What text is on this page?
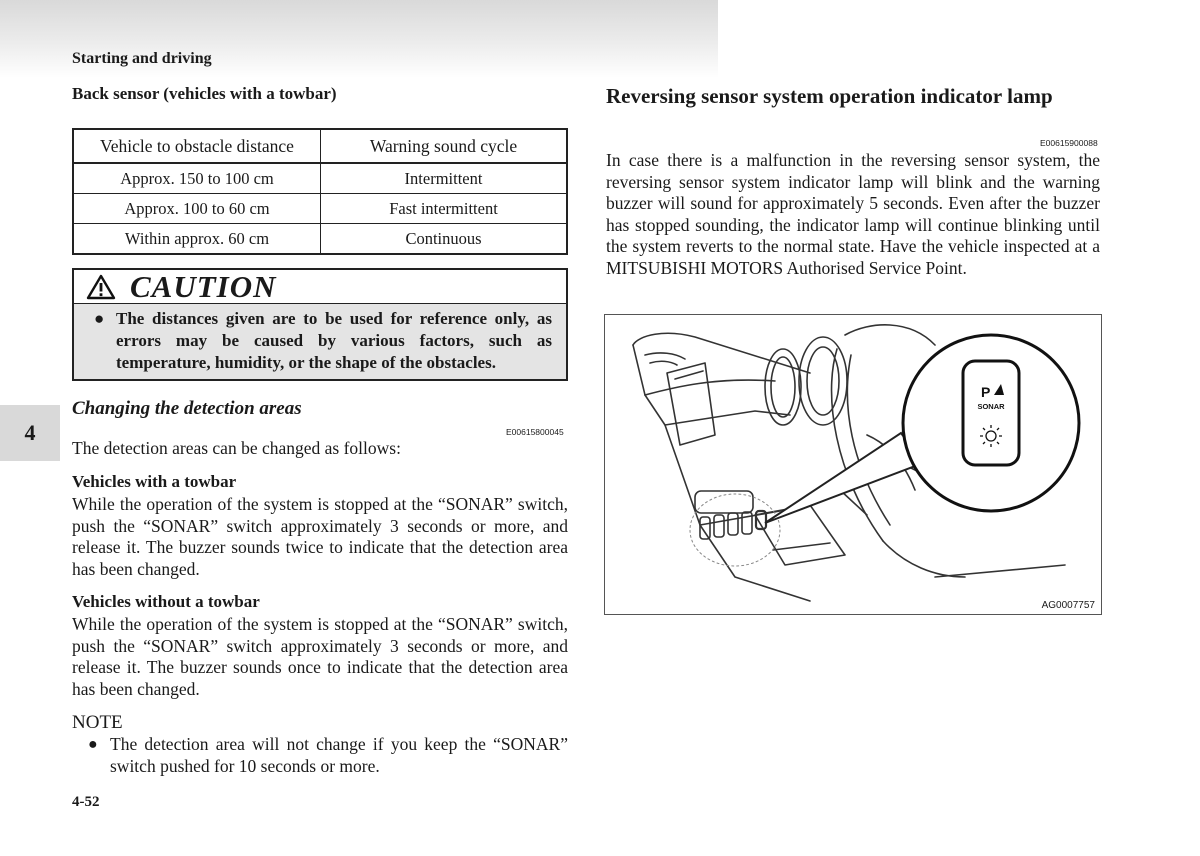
Starting and driving
4

Back sensor (vehicles with a towbar)

Vehicle to obstacle distance	Warning sound cycle
Approx. 150 to 100 cm	Intermittent
Approx. 100 to 60 cm	Fast intermittent
Within approx. 60 cm	Continuous
CAUTION
● The distances given are to be used for reference only, as errors may be caused by various factors, such as temperature, humidity, or the shape of the obstacles.

Changing the detection areas

E00615800045

The detection areas can be changed as follows:

Vehicles with a towbar

While the operation of the system is stopped at the “SONAR” switch, push the “SONAR” switch approximately 3 seconds or more, and release it. The buzzer sounds twice to indicate that the detection area has been changed.

Vehicles without a towbar

While the operation of the system is stopped at the “SONAR” switch, push the “SONAR” switch approximately 3 seconds or more, and release it. The buzzer sounds once to indicate that the detection area has been changed.

NOTE
● The detection area will not change if you keep the “SONAR” switch pushed for 10 seconds or more.

Reversing sensor system operation indicator lamp

E00615900088

In case there is a malfunction in the reversing sensor system, the reversing sensor system indicator lamp will blink and the warning buzzer will sound for approximately 5 seconds. Even after the buzzer has stopped sounding, the indicator lamp will continue blinking until the system reverts to the normal state. Have the vehicle inspected at a MITSUBISHI MOTORS Authorised Service Point.

P
SONAR
AG0007757
4-52
